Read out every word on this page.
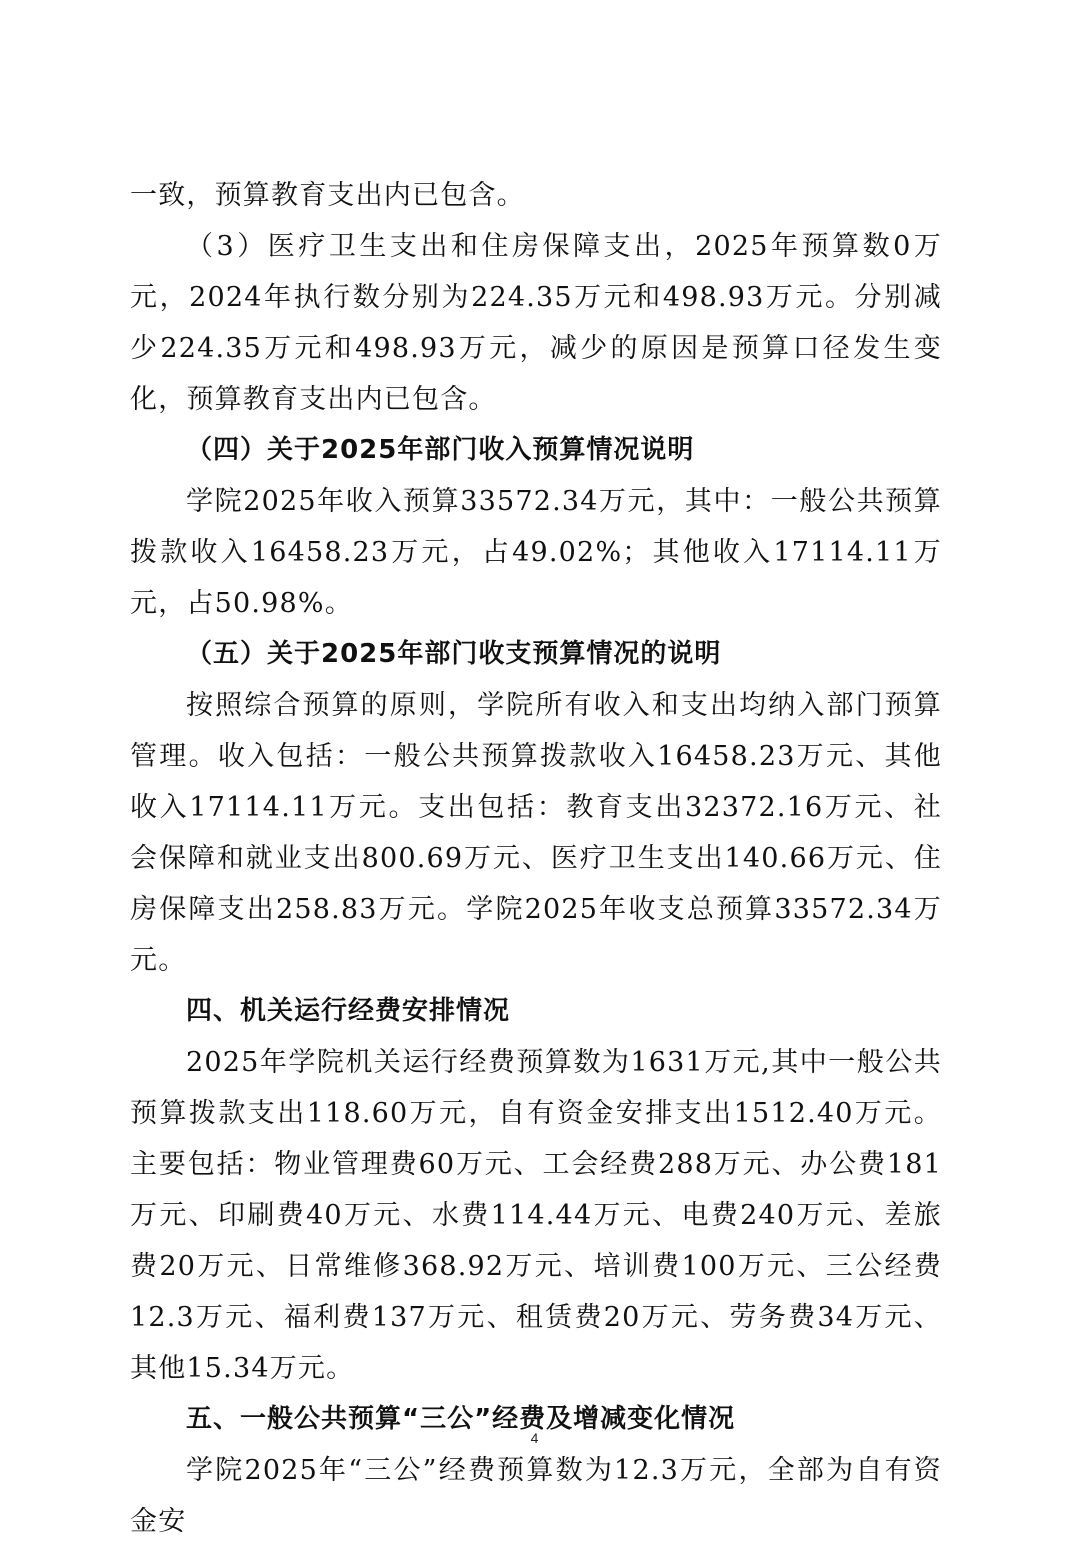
一致，预算教育支出内已包含。

（3）医疗卫生支出和住房保障支出，2025年预算数0万元，2024年执行数分别为224.35万元和498.93万元。分别减少224.35万元和498.93万元，减少的原因是预算口径发生变化，预算教育支出内已包含。

（四）关于2025年部门收入预算情况说明

学院2025年收入预算33572.34万元，其中：一般公共预算拨款收入16458.23万元，占49.02%；其他收入17114.11万元，占50.98%。

（五）关于2025年部门收支预算情况的说明

按照综合预算的原则，学院所有收入和支出均纳入部门预算管理。收入包括：一般公共预算拨款收入16458.23万元、其他收入17114.11万元。支出包括：教育支出32372.16万元、社会保障和就业支出800.69万元、医疗卫生支出140.66万元、住房保障支出258.83万元。学院2025年收支总预算33572.34万元。

四、机关运行经费安排情况

2025年学院机关运行经费预算数为1631万元,其中一般公共预算拨款支出118.60万元，自有资金安排支出1512.40万元。主要包括：物业管理费60万元、工会经费288万元、办公费181万元、印刷费40万元、水费114.44万元、电费240万元、差旅费20万元、日常维修368.92万元、培训费100万元、三公经费12.3万元、福利费137万元、租赁费20万元、劳务费34万元、其他15.34万元。

五、一般公共预算“三公”经费及增减变化情况

学院2025年“三公”经费预算数为12.3万元，全部为自有资金安

4
